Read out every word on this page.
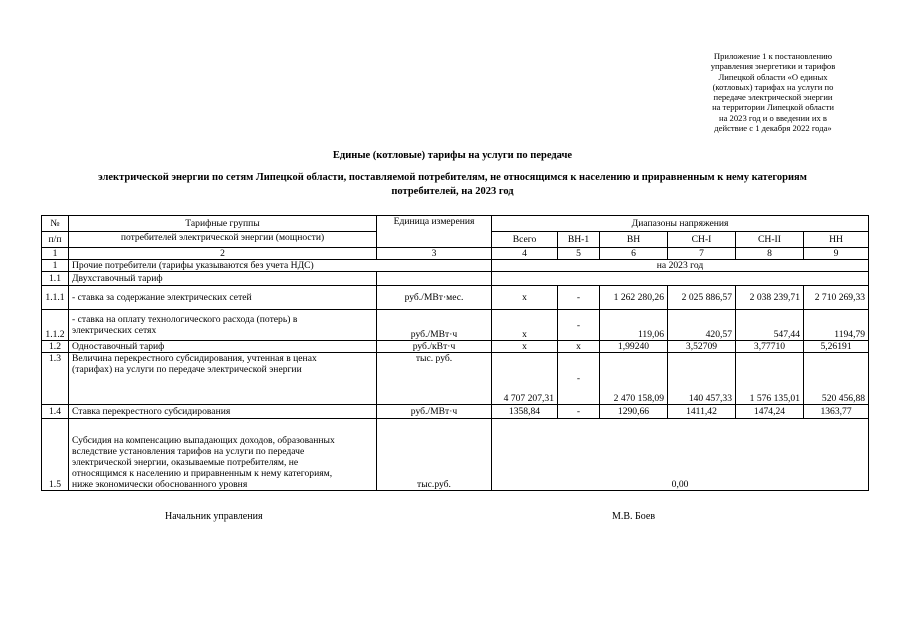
Приложение 1 к постановлению
управления энергетики и тарифов
Липецкой области «О единых
(котловых) тарифах на услуги по
передаче электрической энергии
на территории Липецкой области
на 2023 год и о введении их в
действие с 1 декабря 2022 года»
Единые (котловые) тарифы на услуги по передаче
электрической энергии по сетям Липецкой области, поставляемой потребителям, не относящимся к населению и приравненным к нему категориям
потребителей, на 2023 год
№	Тарифные группы	Единица измерения	Диапазоны напряжения					
п/п	потребителей электрической энергии (мощности)		Всего	ВН-1	ВН	СН-I	СН-II	НН
1	2	3	4	5	6	7	8	9
1	Прочие потребители (тарифы указываются без учета НДС)		на 2023 год					
1.1	Двухставочный тариф							
1.1.1	- ставка за содержание электрических сетей	руб./МВт·мес.	х	-	1 262 280,26	2 025 886,57	2 038 239,71	2 710 269,33
1.1.2	- ставка на оплату технологического расхода (потерь) в
электрических сетях	руб./МВт·ч	х	-	119,06	420,57	547,44	1194,79
1.2	Одноставочный тариф	руб./кВт·ч	х	х	1,99240	3,52709	3,77710	5,26191
1.3	Величина перекрестного субсидирования, учтенная в ценах
(тарифах) на услуги по передаче электрической энергии	тыс. руб.	4 707 207,31	-	2 470 158,09	140 457,33	1 576 135,01	520 456,88
1.4	Ставка перекрестного субсидирования	руб./МВт·ч	1358,84	-	1290,66	1411,42	1474,24	1363,77
1.5	Субсидия на компенсацию выпадающих доходов, образованных
вследствие установления тарифов на услуги по передаче
электрической энергии, оказываемые потребителям, не
относящимся к населению и приравненным к нему категориям,
ниже экономически обоснованного уровня	тыс.руб.	0,00					
Начальник управления	М.В. Боев
